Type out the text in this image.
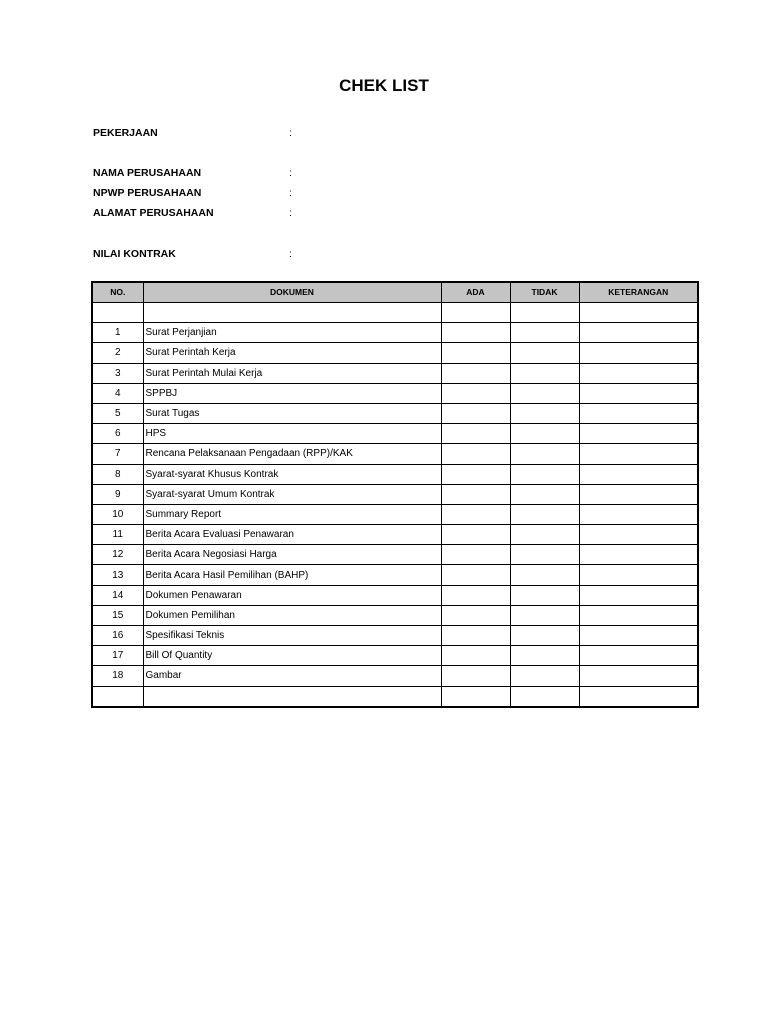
CHEK LIST
PEKERJAAN	:
NAMA PERUSAHAAN	:
NPWP PERUSAHAAN	:
ALAMAT PERUSAHAAN	:
NILAI KONTRAK	:
NO.	DOKUMEN	ADA	TIDAK	KETERANGAN

1	Surat Perjanjian			
2	Surat Perintah Kerja			
3	Surat Perintah Mulai Kerja			
4	SPPBJ			
5	Surat Tugas			
6	HPS			
7	Rencana Pelaksanaan Pengadaan (RPP)/KAK			
8	Syarat-syarat Khusus Kontrak			
9	Syarat-syarat Umum Kontrak			
10	Summary Report			
11	Berita Acara Evaluasi Penawaran			
12	Berita Acara Negosiasi Harga			
13	Berita Acara Hasil Pemilihan (BAHP)			
14	Dokumen Penawaran			
15	Dokumen Pemilihan			
16	Spesifikasi Teknis			
17	Bill Of Quantity			
18	Gambar			
